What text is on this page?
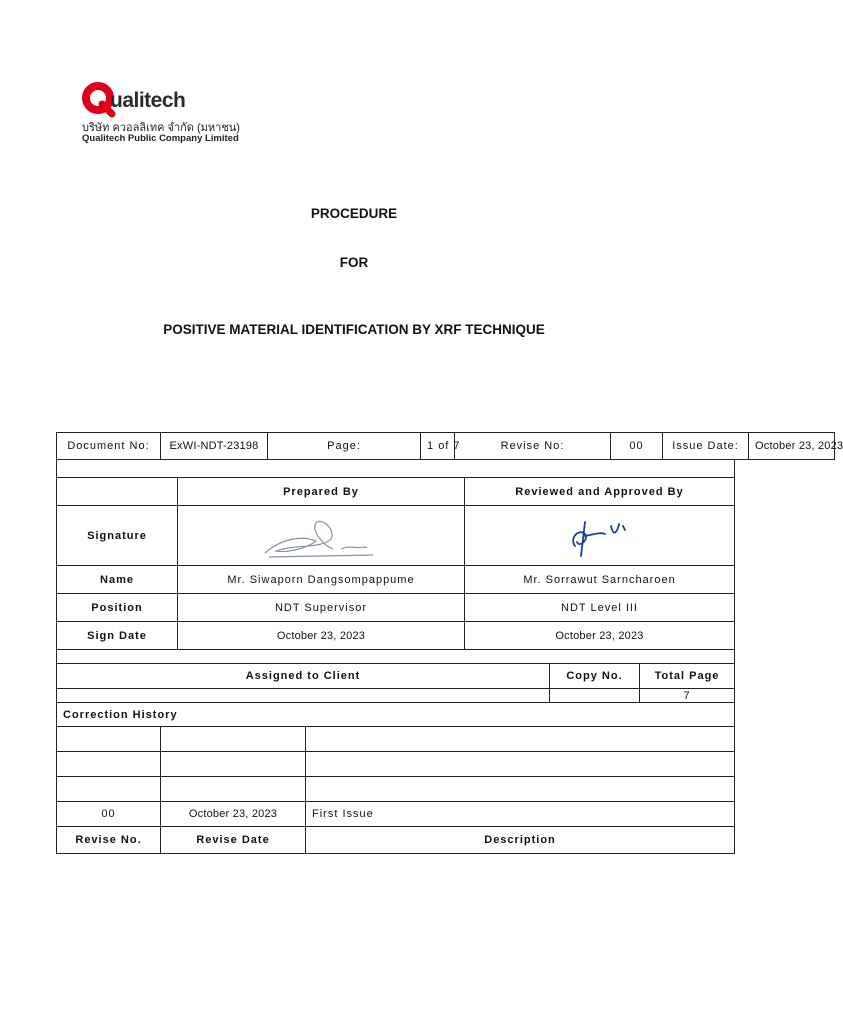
ualitech
บริษัท ควอลลิเทค จำกัด (มหาชน)
Qualitech Public Company Limited
PROCEDURE
FOR
POSITIVE MATERIAL IDENTIFICATION BY XRF TECHNIQUE
Document No:	ExWI-NDT-23198	Page:	1 of 7	Revise No:	00	Issue Date:	October 23, 2023

	Prepared By	Reviewed and Approved By
Signature	

Name	Mr. Siwaporn Dangsompappume	Mr. Sorrawut Sarncharoen
Position	NDT Supervisor	NDT Level III
Sign Date	October 23, 2023	October 23, 2023

Assigned to Client	Copy No.	Total Page
		7
Correction History		

00	October 23, 2023	First Issue
Revise No.	Revise Date	Description
